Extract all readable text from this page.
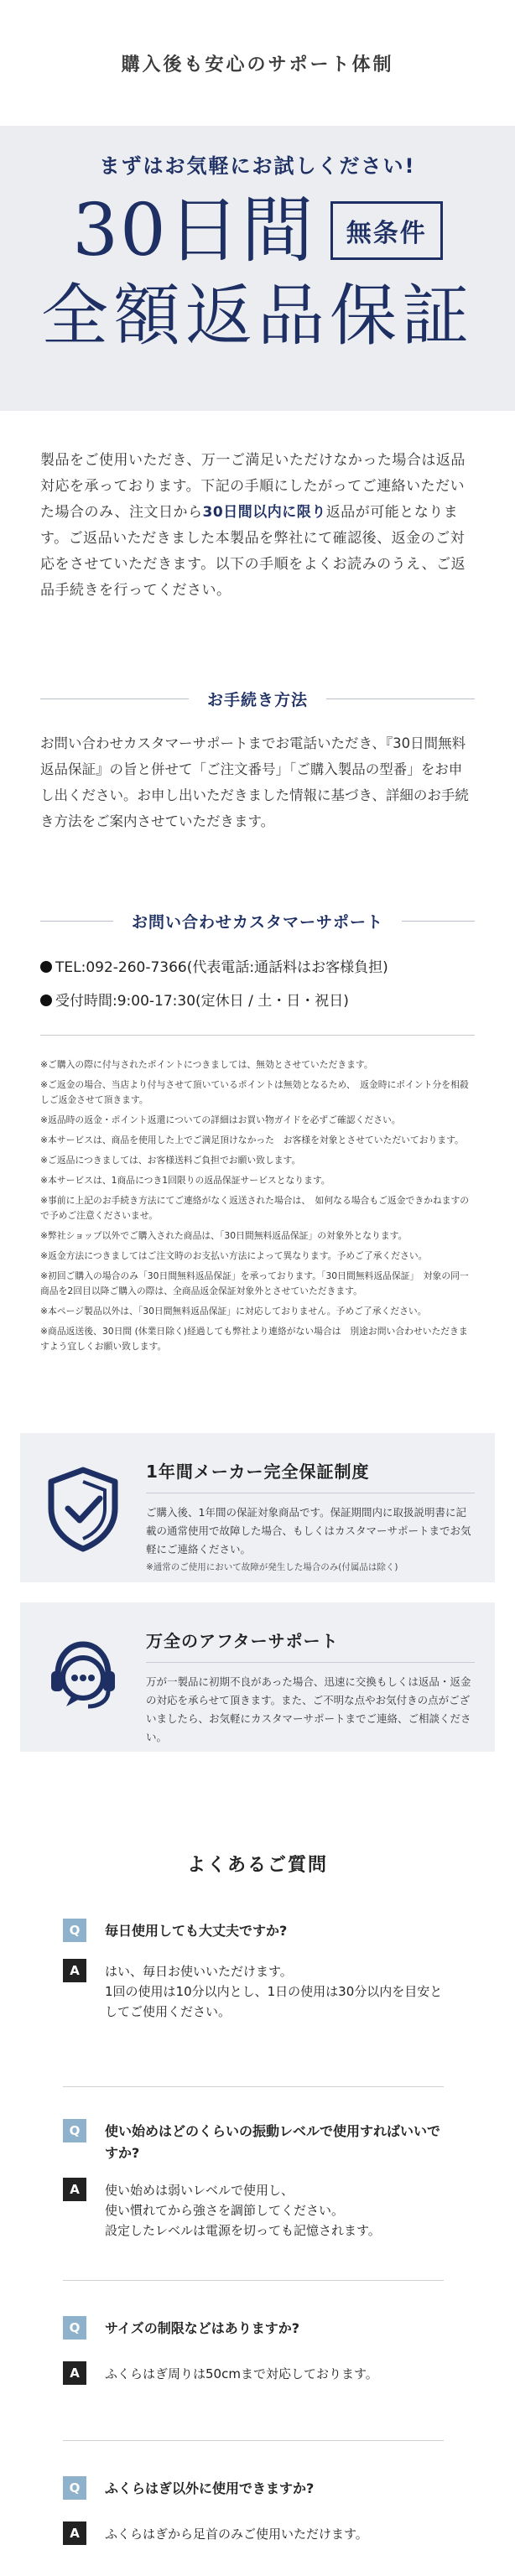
購入後も安心のサポート体制
まずはお気軽にお試しください!
30日間	無条件
全額返品保証
製品をご使用いただき、万一ご満足いただけなかった場合は返品対応を承っております。下記の手順にしたがってご連絡いただいた場合のみ、注文日から30日間以内に限り返品が可能となります。ご返品いただきました本製品を弊社にて確認後、返金のご対応をさせていただきます。以下の手順をよくお読みのうえ、ご返品手続きを行ってください。
お手続き方法
お問い合わせカスタマーサポートまでお電話いただき、『30日間無料返品保証』の旨と併せて「ご注文番号」「ご購入製品の型番」をお申し出ください。お申し出いただきました情報に基づき、詳細のお手続き方法をご案内させていただきます。
お問い合わせカスタマーサポート
TEL:092-260-7366(代表電話:通話料はお客様負担)
受付時間:9:00-17:30(定休日 / 土・日・祝日)

※ご購入の際に付与されたポイントにつきましては、無効とさせていただきます。

※ご返金の場合、当店より付与させて頂いているポイントは無効となるため、　返金時にポイント分を相殺しご返金させて頂きます。

※返品時の返金・ポイント返還についての詳細はお買い物ガイドを必ずご確認ください。

※本サービスは、商品を使用した上でご満足頂けなかった　お客様を対象とさせていただいております。

※ご返品につきましては、お客様送料ご負担でお願い致します。

※本サービスは、1商品につき1回限りの返品保証サービスとなります。

※事前に上記のお手続き方法にてご連絡がなく返送された場合は、　如何なる場合もご返金できかねますので予めご注意くださいませ。

※弊社ショップ以外でご購入された商品は、「30日間無料返品保証」の対象外となります。

※返金方法につきましてはご注文時のお支払い方法によって異なります。予めご了承ください。

※初回ご購入の場合のみ「30日間無料返品保証」を承っております。「30日間無料返品保証」　対象の同一商品を2回目以降ご購入の際は、全商品返金保証対象外とさせていただきます。

※本ページ製品以外は、「30日間無料返品保証」に対応しておりません。予めご了承ください。

※商品返送後、30日間 (休業日除く)経過しても弊社より連絡がない場合は　別途お問い合わせいただきますよう宜しくお願い致します。

1年間メーカー完全保証制度
ご購入後、1年間の保証対象商品です。保証期間内に取扱説明書に記載の通常使用で故障した場合、もしくはカスタマーサポートまでお気軽にご連絡ください。
※通常のご使用において故障が発生した場合のみ(付属品は除く)
万全のアフターサポート
万が一製品に初期不良があった場合、迅速に交換もしくは返品・返金の対応を承らせて頂きます。また、ご不明な点やお気付きの点がございましたら、お気軽にカスタマーサポートまでご連絡、ご相談ください。
よくあるご質問
Q	毎日使用しても大丈夫ですか?
A	はい、毎日お使いいただけます。
1回の使用は10分以内とし、1日の使用は30分以内を目安としてご使用ください。
Q	使い始めはどのくらいの振動レベルで使用すればいいですか?
A	使い始めは弱いレベルで使用し、
使い慣れてから強さを調節してください。
設定したレベルは電源を切っても記憶されます。
Q	サイズの制限などはありますか?
A	ふくらはぎ周りは50cmまで対応しております。
Q	ふくらはぎ以外に使用できますか?
A	ふくらはぎから足首のみご使用いただけます。
